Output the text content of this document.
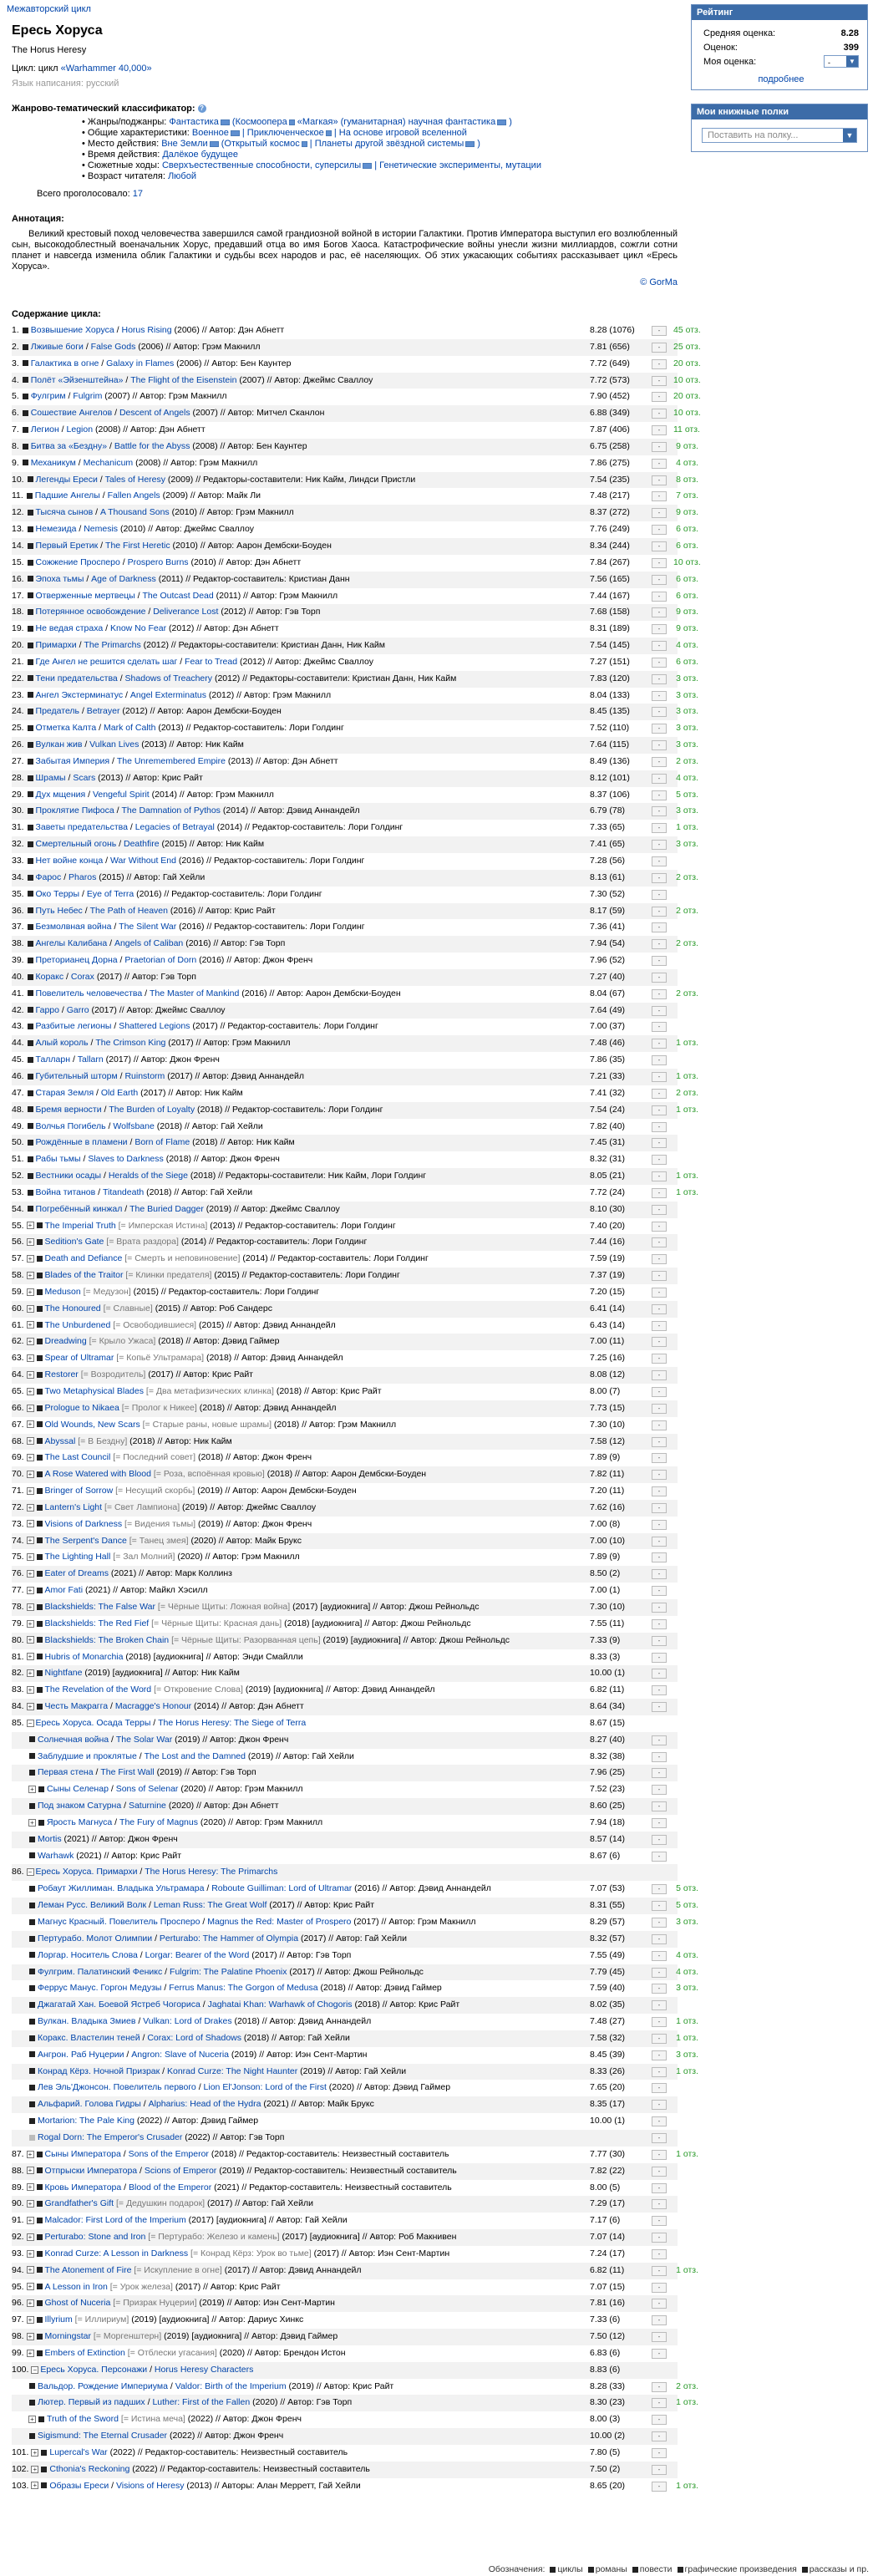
Межавторский цикл
Ересь Хоруса
The Horus Heresy
Цикл: цикл «Warhammer 40,000»
Язык написания: русский
Жанрово-тематический классификатор: ?
• Жанры/поджанры: Фантастика (Космоопера «Магкая» (гуманитарная) научная фантастика )
• Общие характеристики: Военное | Приключенческое | На основе игровой вселенной
• Место действия: Вне Земли (Открытый космос | Планеты другой звёздной системы )
• Время действия: Далёкое будущее
• Сюжетные ходы: Сверхъестественные способности, суперсилы | Генетические эксперименты, мутации
• Возраст читателя: Любой
Всего проголосовало: 17
Аннотация:

Великий крестовый поход человечества завершился самой грандиозной войной в истории Галактики. Против Императора выступил его возлюбленный сын, высокодоблестный военачальник Хорус, предавший отца во имя Богов Хаоса. Катастрофические войны унесли жизни миллиардов, сожгли сотни планет и навсегда изменила облик Галактики и судьбы всех народов и рас, её населяющих. Об этих ужасающих событиях рассказывает цикл «Ересь Хоруса».

© GorMa
Содержание цикла:
1. Возвышение Хоруса / Horus Rising (2006) // Автор: Дэн Абнетт	8.28 (1076)	-	45 отз.
2. Лживые боги / False Gods (2006) // Автор: Грэм Макнилл	7.81 (656)	-	25 отз.
3. Галактика в огне / Galaxy in Flames (2006) // Автор: Бен Каунтер	7.72 (649)	-	20 отз.
4. Полёт «Эйзенштейна» / The Flight of the Eisenstein (2007) // Автор: Джеймс Сваллоу	7.72 (573)	-	10 отз.
5. Фулгрим / Fulgrim (2007) // Автор: Грэм Макнилл	7.90 (452)	-	20 отз.
6. Сошествие Ангелов / Descent of Angels (2007) // Автор: Митчел Сканлон	6.88 (349)	-	10 отз.
7. Легион / Legion (2008) // Автор: Дэн Абнетт	7.87 (406)	-	11 отз.
8. Битва за «Бездну» / Battle for the Abyss (2008) // Автор: Бен Каунтер	6.75 (258)	-	9 отз.
9. Механикум / Mechanicum (2008) // Автор: Грэм Макнилл	7.86 (275)	-	4 отз.
10. Легенды Ереси / Tales of Heresy (2009) // Редакторы-составители: Ник Кайм, Линдси Пристли	7.54 (235)	-	8 отз.
11. Падшие Ангелы / Fallen Angels (2009) // Автор: Майк Ли	7.48 (217)	-	7 отз.
12. Тысяча сынов / A Thousand Sons (2010) // Автор: Грэм Макнилл	8.37 (272)	-	9 отз.
13. Немезида / Nemesis (2010) // Автор: Джеймс Сваллоу	7.76 (249)	-	6 отз.
14. Первый Еретик / The First Heretic (2010) // Автор: Аарон Дембски-Боуден	8.34 (244)	-	6 отз.
15. Сожжение Просперо / Prospero Burns (2010) // Автор: Дэн Абнетт	7.84 (267)	-	10 отз.
16. Эпоха тьмы / Age of Darkness (2011) // Редактор-составитель: Кристиан Данн	7.56 (165)	-	6 отз.
17. Отверженные мертвецы / The Outcast Dead (2011) // Автор: Грэм Макнилл	7.44 (167)	-	6 отз.
18. Потерянное освобождение / Deliverance Lost (2012) // Автор: Гэв Торп	7.68 (158)	-	9 отз.
19. Не ведая страха / Know No Fear (2012) // Автор: Дэн Абнетт	8.31 (189)	-	9 отз.
20. Примархи / The Primarchs (2012) // Редакторы-составители: Кристиан Данн, Ник Кайм	7.54 (145)	-	4 отз.
21. Где Ангел не решится сделать шаг / Fear to Tread (2012) // Автор: Джеймс Сваллоу	7.27 (151)	-	6 отз.
22. Тени предательства / Shadows of Treachery (2012) // Редакторы-составители: Кристиан Данн, Ник Кайм	7.83 (120)	-	3 отз.
23. Ангел Экстерминатус / Angel Exterminatus (2012) // Автор: Грэм Макнилл	8.04 (133)	-	3 отз.
24. Предатель / Betrayer (2012) // Автор: Аарон Дембски-Боуден	8.45 (135)	-	3 отз.
25. Отметка Калта / Mark of Calth (2013) // Редактор-составитель: Лори Голдинг	7.52 (110)	-	3 отз.
26. Вулкан жив / Vulkan Lives (2013) // Автор: Ник Кайм	7.64 (115)	-	3 отз.
27. Забытая Империя / The Unremembered Empire (2013) // Автор: Дэн Абнетт	8.49 (136)	-	2 отз.
28. Шрамы / Scars (2013) // Автор: Крис Райт	8.12 (101)	-	4 отз.
29. Дух мщения / Vengeful Spirit (2014) // Автор: Грэм Макнилл	8.37 (106)	-	5 отз.
30. Проклятие Пифоса / The Damnation of Pythos (2014) // Автор: Дэвид Аннандейл	6.79 (78)	-	3 отз.
31. Заветы предательства / Legacies of Betrayal (2014) // Редактор-составитель: Лори Голдинг	7.33 (65)	-	1 отз.
32. Смертельный огонь / Deathfire (2015) // Автор: Ник Кайм	7.41 (65)	-	3 отз.
33. Нет войне конца / War Without End (2016) // Редактор-составитель: Лори Голдинг	7.28 (56)	-
34. Фарос / Pharos (2015) // Автор: Гай Хейли	8.13 (61)	-	2 отз.
35. Око Терры / Eye of Terra (2016) // Редактор-составитель: Лори Голдинг	7.30 (52)	-
36. Путь Небес / The Path of Heaven (2016) // Автор: Крис Райт	8.17 (59)	-	2 отз.
37. Безмолвная война / The Silent War (2016) // Редактор-составитель: Лори Голдинг	7.36 (41)	-
38. Ангелы Калибана / Angels of Caliban (2016) // Автор: Гэв Торп	7.94 (54)	-	2 отз.
39. Преторианец Дорна / Praetorian of Dorn (2016) // Автор: Джон Френч	7.96 (52)	-
40. Коракс / Corax (2017) // Автор: Гэв Торп	7.27 (40)	-
41. Повелитель человечества / The Master of Mankind (2016) // Автор: Аарон Дембски-Боуден	8.04 (67)	-	2 отз.
42. Гарро / Garro (2017) // Автор: Джеймс Сваллоу	7.64 (49)	-
43. Разбитые легионы / Shattered Legions (2017) // Редактор-составитель: Лори Голдинг	7.00 (37)	-
44. Алый король / The Crimson King (2017) // Автор: Грэм Макнилл	7.48 (46)	-	1 отз.
45. Талларн / Tallarn (2017) // Автор: Джон Френч	7.86 (35)	-
46. Губительный шторм / Ruinstorm (2017) // Автор: Дэвид Аннандейл	7.21 (33)	-	1 отз.
47. Старая Земля / Old Earth (2017) // Автор: Ник Кайм	7.41 (32)	-	2 отз.
48. Бремя верности / The Burden of Loyalty (2018) // Редактор-составитель: Лори Голдинг	7.54 (24)	-	1 отз.
49. Волчья Погибель / Wolfsbane (2018) // Автор: Гай Хейли	7.82 (40)	-
50. Рождённые в пламени / Born of Flame (2018) // Автор: Ник Кайм	7.45 (31)	-
51. Рабы тьмы / Slaves to Darkness (2018) // Автор: Джон Френч	8.32 (31)	-
52. Вестники осады / Heralds of the Siege (2018) // Редакторы-составители: Ник Кайм, Лори Голдинг	8.05 (21)	-	1 отз.
53. Война титанов / Titandeath (2018) // Автор: Гай Хейли	7.72 (24)	-	1 отз.
54. Погребённый кинжал / The Buried Dagger (2019) // Автор: Джеймс Сваллоу	8.10 (30)	-
55. + The Imperial Truth [= Имперская Истина] (2013) // Редактор-составитель: Лори Голдинг	7.40 (20)	-
56. + Sedition's Gate [= Врата раздора] (2014) // Редактор-составитель: Лори Голдинг	7.44 (16)	-
57. + Death and Defiance [= Смерть и неповиновение] (2014) // Редактор-составитель: Лори Голдинг	7.59 (19)	-
58. + Blades of the Traitor [= Клинки предателя] (2015) // Редактор-составитель: Лори Голдинг	7.37 (19)	-
59. + Meduson [= Медузон] (2015) // Редактор-составитель: Лори Голдинг	7.20 (15)	-
60. + The Honoured [= Славные] (2015) // Автор: Роб Сандерс	6.41 (14)	-
61. + The Unburdened [= Освободившиеся] (2015) // Автор: Дэвид Аннандейл	6.43 (14)	-
62. + Dreadwing [= Крыло Ужаса] (2018) // Автор: Дэвид Гаймер	7.00 (11)	-
63. + Spear of Ultramar [= Копьё Ультрамара] (2018) // Автор: Дэвид Аннандейл	7.25 (16)	-
64. + Restorer [= Возродитель] (2017) // Автор: Крис Райт	8.08 (12)	-
65. + Two Metaphysical Blades [= Два метафизических клинка] (2018) // Автор: Крис Райт	8.00 (7)	-
66. + Prologue to Nikaea [= Пролог к Никее] (2018) // Автор: Дэвид Аннандейл	7.73 (15)	-
67. + Old Wounds, New Scars [= Старые раны, новые шрамы] (2018) // Автор: Грэм Макнилл	7.30 (10)	-
68. + Abyssal [= В Бездну] (2018) // Автор: Ник Кайм	7.58 (12)	-
69. + The Last Council [= Последний совет] (2018) // Автор: Джон Френч	7.89 (9)	-
70. + A Rose Watered with Blood [= Роза, вспоённая кровью] (2018) // Автор: Аарон Дембски-Боуден	7.82 (11)	-
71. + Bringer of Sorrow [= Несущий скорбь] (2019) // Автор: Аарон Дембски-Боуден	7.20 (11)	-
72. + Lantern's Light [= Свет Лампиона] (2019) // Автор: Джеймс Сваллоу	7.62 (16)	-
73. + Visions of Darkness [= Видения тьмы] (2019) // Автор: Джон Френч	7.00 (8)	-
74. + The Serpent's Dance [= Танец змея] (2020) // Автор: Майк Брукс	7.00 (10)	-
75. + The Lighting Hall [= Зал Молний] (2020) // Автор: Грэм Макнилл	7.89 (9)	-
76. + Eater of Dreams (2021) // Автор: Марк Коллинз	8.50 (2)	-
77. + Amor Fati (2021) // Автор: Майкл Хэсилл	7.00 (1)	-
78. + Blackshields: The False War [= Чёрные Щиты: Ложная война] (2017) [аудиокнига] // Автор: Джош Рейнольдс	7.30 (10)	-
79. + Blackshields: The Red Fief [= Чёрные Щиты: Красная дань] (2018) [аудиокнига] // Автор: Джош Рейнольдс	7.55 (11)	-
80. + Blackshields: The Broken Chain [= Чёрные Щиты: Разорванная цепь] (2019) [аудиокнига] // Автор: Джош Рейнольдс	7.33 (9)	-
81. + Hubris of Monarchia (2018) [аудиокнига] // Автор: Энди Смайлли	8.33 (3)	-
82. + Nightfane (2019) [аудиокнига] // Автор: Ник Кайм	10.00 (1)	-
83. + The Revelation of the Word [= Откровение Слова] (2019) [аудиокнига] // Автор: Дэвид Аннандейл	6.82 (11)	-
84. + Честь Макрагга / Macragge's Honour (2014) // Автор: Дэн Абнетт	8.64 (34)	-
85. − Ересь Хоруса. Осада Терры / The Horus Heresy: The Siege of Terra	8.67 (15)
Солнечная война / The Solar War (2019) // Автор: Джон Френч	8.27 (40)	-
Заблудшие и проклятые / The Lost and the Damned (2019) // Автор: Гай Хейли	8.32 (38)	-
Первая стена / The First Wall (2019) // Автор: Гэв Торп	7.96 (25)	-
+ Сыны Селенар / Sons of Selenar (2020) // Автор: Грэм Макнилл	7.52 (23)	-
Под знаком Сатурна / Saturnine (2020) // Автор: Дэн Абнетт	8.60 (25)	-
+ Ярость Магнуса / The Fury of Magnus (2020) // Автор: Грэм Макнилл	7.94 (18)	-
Mortis (2021) // Автор: Джон Френч	8.57 (14)	-
Warhawk (2021) // Автор: Крис Райт	8.67 (6)	-
86. − Ересь Хоруса. Примархи / The Horus Heresy: The Primarchs
Робаут Жиллиман. Владыка Ультрамара / Roboute Guilliman: Lord of Ultramar (2016) // Автор: Дэвид Аннандейл	7.07 (53)	-	5 отз.
Леман Русс. Великий Волк / Leman Russ: The Great Wolf (2017) // Автор: Крис Райт	8.31 (55)	-	5 отз.
Магнус Красный. Повелитель Просперо / Magnus the Red: Master of Prospero (2017) // Автор: Грэм Макнилл	8.29 (57)	-	3 отз.
Пертурабо. Молот Олимпии / Perturabo: The Hammer of Olympia (2017) // Автор: Гай Хейли	8.32 (57)	-
Лоргар. Носитель Слова / Lorgar: Bearer of the Word (2017) // Автор: Гэв Торп	7.55 (49)	-	4 отз.
Фулгрим. Палатинский Феникс / Fulgrim: The Palatine Phoenix (2017) // Автор: Джош Рейнольдс	7.79 (45)	-	4 отз.
Феррус Манус. Горгон Медузы / Ferrus Manus: The Gorgon of Medusa (2018) // Автор: Дэвид Гаймер	7.59 (40)	-	3 отз.
Джагатай Хан. Боевой Ястреб Чогориса / Jaghatai Khan: Warhawk of Chogoris (2018) // Автор: Крис Райт	8.02 (35)	-
Вулкан. Владыка Змиев / Vulkan: Lord of Drakes (2018) // Автор: Дэвид Аннандейл	7.48 (27)	-	1 отз.
Коракс. Властелин теней / Corax: Lord of Shadows (2018) // Автор: Гай Хейли	7.58 (32)	-	1 отз.
Ангрон. Раб Нуцерии / Angron: Slave of Nuceria (2019) // Автор: Иэн Сент-Мартин	8.45 (39)	-	3 отз.
Конрад Кёрз. Ночной Призрак / Konrad Curze: The Night Haunter (2019) // Автор: Гай Хейли	8.33 (26)	-	1 отз.
Лев Эль'Джонсон. Повелитель первого / Lion El'Jonson: Lord of the First (2020) // Автор: Дэвид Гаймер	7.65 (20)	-
Альфарий. Голова Гидры / Alpharius: Head of the Hydra (2021) // Автор: Майк Брукс	8.35 (17)	-
Mortarion: The Pale King (2022) // Автор: Дэвид Гаймер	10.00 (1)	-
Rogal Dorn: The Emperor's Crusader (2022) // Автор: Гэв Торп	-
87. + Сыны Императора / Sons of the Emperor (2018) // Редактор-составитель: Неизвестный составитель	7.77 (30)	-	1 отз.
88. + Отпрыски Императора / Scions of Emperor (2019) // Редактор-составитель: Неизвестный составитель	7.82 (22)	-
89. + Кровь Императора / Blood of the Emperor (2021) // Редактор-составитель: Неизвестный составитель	8.00 (5)	-
90. + Grandfather's Gift [= Дедушкин подарок] (2017) // Автор: Гай Хейли	7.29 (17)	-
91. + Malcador: First Lord of the Imperium (2017) [аудиокнига] // Автор: Гай Хейли	7.17 (6)	-
92. + Perturabo: Stone and Iron [= Пертурабо: Железо и камень] (2017) [аудиокнига] // Автор: Роб Макнивен	7.07 (14)	-
93. + Konrad Curze: A Lesson in Darkness [= Конрад Кёрз: Урок во тьме] (2017) // Автор: Иэн Сент-Мартин	7.24 (17)	-
94. + The Atonement of Fire [= Искупление в огне] (2017) // Автор: Дэвид Аннандейл	6.82 (11)	-	1 отз.
95. + A Lesson in Iron [= Урок железа] (2017) // Автор: Крис Райт	7.07 (15)	-
96. + Ghost of Nuceria [= Призрак Нуцерии] (2019) // Автор: Иэн Сент-Мартин	7.81 (16)	-
97. + Illyrium [= Иллириум] (2019) [аудиокнига] // Автор: Дариус Хинкс	7.33 (6)	-
98. + Morningstar [= Моргенштерн] (2019) [аудиокнига] // Автор: Дэвид Гаймер	7.50 (12)	-
99. + Embers of Extinction [= Отблески угасания] (2020) // Автор: Брендон Истон	6.83 (6)	-
100. − Ересь Хоруса. Персонажи / Horus Heresy Characters	8.83 (6)
Вальдор. Рождение Империума / Valdor: Birth of the Imperium (2019) // Автор: Крис Райт	8.28 (33)	-	2 отз.
Лютер. Первый из падших / Luther: First of the Fallen (2020) // Автор: Гэв Торп	8.30 (23)	-	1 отз.
+ Truth of the Sword [= Истина меча] (2022) // Автор: Джон Френч	8.00 (3)	-
Sigismund: The Eternal Crusader (2022) // Автор: Джон Френч	10.00 (2)	-
101. + Lupercal's War (2022) // Редактор-составитель: Неизвестный составитель	7.80 (5)	-
102. + Cthonia's Reckoning (2022) // Редактор-составитель: Неизвестный составитель	7.50 (2)	-
103. + Образы Ереси / Visions of Heresy (2013) // Авторы: Алан Мерретт, Гай Хейли	8.65 (20)	-	1 отз.
Рейтинг
Средняя оценка:	8.28
Оценок:	399
Моя оценка:	-	▼
подробнее
Мои книжные полки
Поставить на полку...	▼
Обозначения: циклы романы повести графические произведения рассказы и пр.
